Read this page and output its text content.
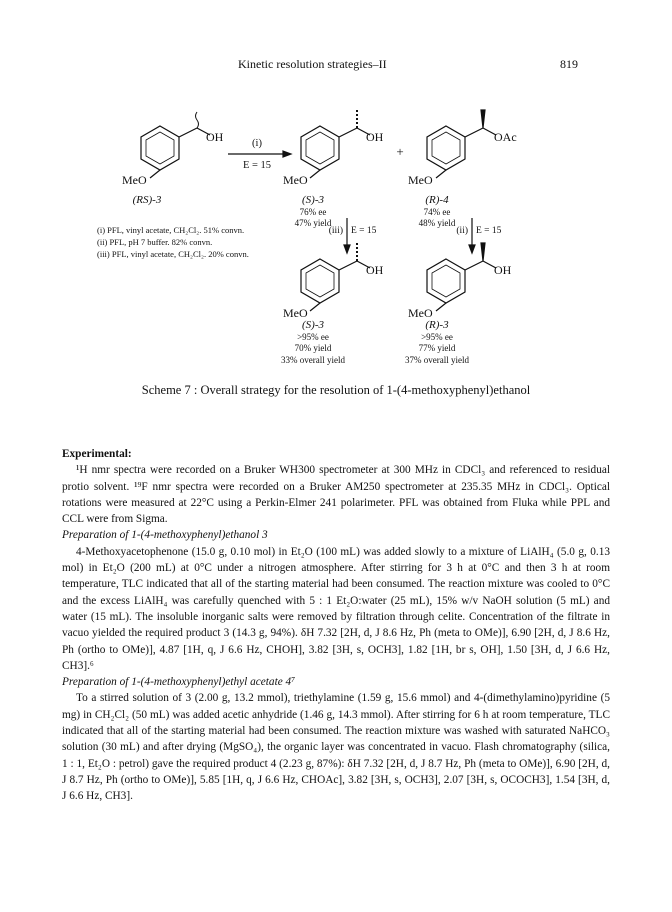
Kinetic resolution strategies–II	819
OH
MeO
(RS)-3
(i)
E = 15
OH
MeO
(S)-3
76% ee
47% yield
+
OAc
MeO
(R)-4
74% ee
48% yield
(i) PFL, vinyl acetate, CH₂Cl₂. 51% convn.
(ii) PFL, pH 7 buffer. 82% convn.
(iii) PFL, vinyl acetate, CH₂Cl₂. 20% convn.
(iii) E = 15	(ii) E = 15
OH
MeO
(S)-3
>95% ee
70% yield
33% overall yield
OH
MeO
(R)-3
>95% ee
77% yield
37% overall yield
Scheme 7 : Overall strategy for the resolution of 1-(4-methoxyphenyl)ethanol

Experimental:

¹H nmr spectra were recorded on a Bruker WH300 spectrometer at 300 MHz in CDCl₃ and referenced to residual protio solvent. ¹⁹F nmr spectra were recorded on a Bruker AM250 spectrometer at 235.35 MHz in CDCl₃. Optical rotations were measured at 22°C using a Perkin-Elmer 241 polarimeter. PFL was obtained from Fluka while PPL and CCL were from Sigma.

Preparation of 1-(4-methoxyphenyl)ethanol 3

4-Methoxyacetophenone (15.0 g, 0.10 mol) in Et₂O (100 mL) was added slowly to a mixture of LiAlH₄ (5.0 g, 0.13 mol) in Et₂O (200 mL) at 0°C under a nitrogen atmosphere. After stirring for 3 h at 0°C and then 3 h at room temperature, TLC indicated that all of the starting material had been consumed. The reaction mixture was cooled to 0°C and the excess LiAlH₄ was carefully quenched with 5 : 1 Et₂O:water (25 mL), 15% w/v NaOH solution (5 mL) and water (15 mL). The insoluble inorganic salts were removed by filtration through celite. Concentration of the filtrate in vacuo yielded the required product 3 (14.3 g, 94%). δH 7.32 [2H, d, J 8.6 Hz, Ph (meta to OMe)], 6.90 [2H, d, J 8.6 Hz, Ph (ortho to OMe)], 4.87 [1H, q, J 6.6 Hz, CHOH], 3.82 [3H, s, OCH3], 1.82 [1H, br s, OH], 1.50 [3H, d, J 6.6 Hz, CH3].⁶

Preparation of 1-(4-methoxyphenyl)ethyl acetate 4⁷

To a stirred solution of 3 (2.00 g, 13.2 mmol), triethylamine (1.59 g, 15.6 mmol) and 4-(dimethylamino)pyridine (5 mg) in CH₂Cl₂ (50 mL) was added acetic anhydride (1.46 g, 14.3 mmol). After stirring for 6 h at room temperature, TLC indicated that all of the starting material had been consumed. The reaction mixture was washed with saturated NaHCO₃ solution (30 mL) and after drying (MgSO₄), the organic layer was concentrated in vacuo. Flash chromatography (silica, 1 : 1, Et₂O : petrol) gave the required product 4 (2.23 g, 87%): δH 7.32 [2H, d, J 8.7 Hz, Ph (meta to OMe)], 6.90 [2H, d, J 8.7 Hz, Ph (ortho to OMe)], 5.85 [1H, q, J 6.6 Hz, CHOAc], 3.82 [3H, s, OCH3], 2.07 [3H, s, OCOCH3], 1.54 [3H, d, J 6.6 Hz, CH3].
